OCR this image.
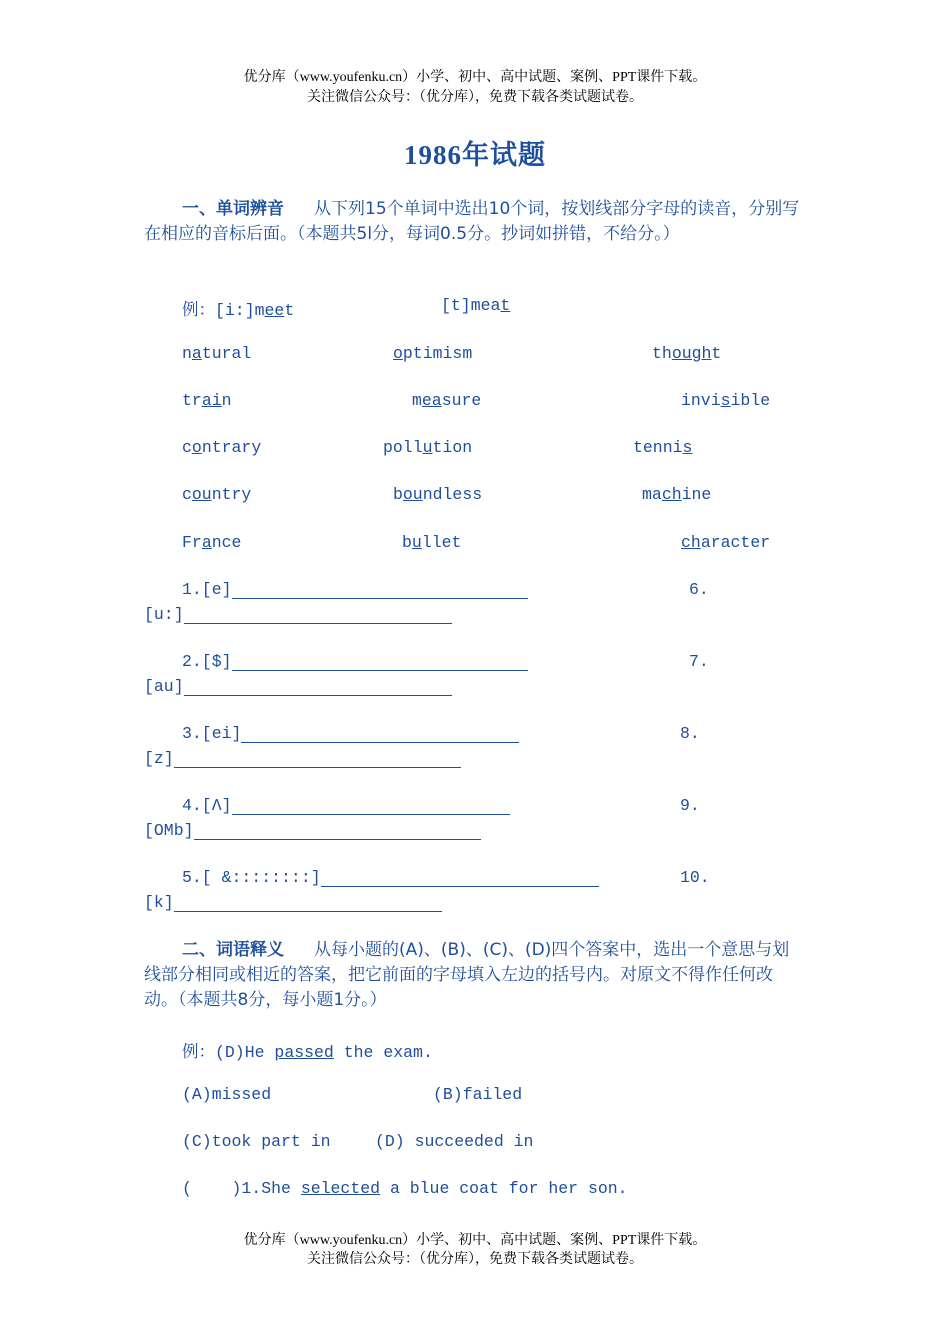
优分库（www.youfenku.cn）小学、初中、高中试题、案例、PPT课件下载。
关注微信公众号：（优分库），免费下载各类试题试卷。
1986年试题
一、单词辨音 从下列15个单词中选出10个词，按划线部分字母的读音，分别写在相应的音标后面。（本题共5l分，每词0.5分。抄词如拼错，不给分。）
例：[i:]meet	[t]meat
natural	optimism	thought
train	measure	invisible
contrary	pollution	tennis
country	boundless	machine
France	bullet	character
1.[e]	6.
[u:]
2.[$]	7.
[au]
3.[ei]	8.
[z]
4.[Λ]	9.
[OMb]
5.[ &::::::::]	10.
[k]
二、词语释义 从每小题的(A)、(B)、(C)、(D)四个答案中，选出一个意思与划线部分相同或相近的答案，把它前面的字母填入左边的括号内。对原文不得作任何改动。（本题共8分，每小题1分。）
例：(D)He passed the exam.
(A)missed	(B)failed
(C)took part in	(D) succeeded in
(    )1.She selected a blue coat for her son.
优分库（www.youfenku.cn）小学、初中、高中试题、案例、PPT课件下载。
关注微信公众号：（优分库），免费下载各类试题试卷。
